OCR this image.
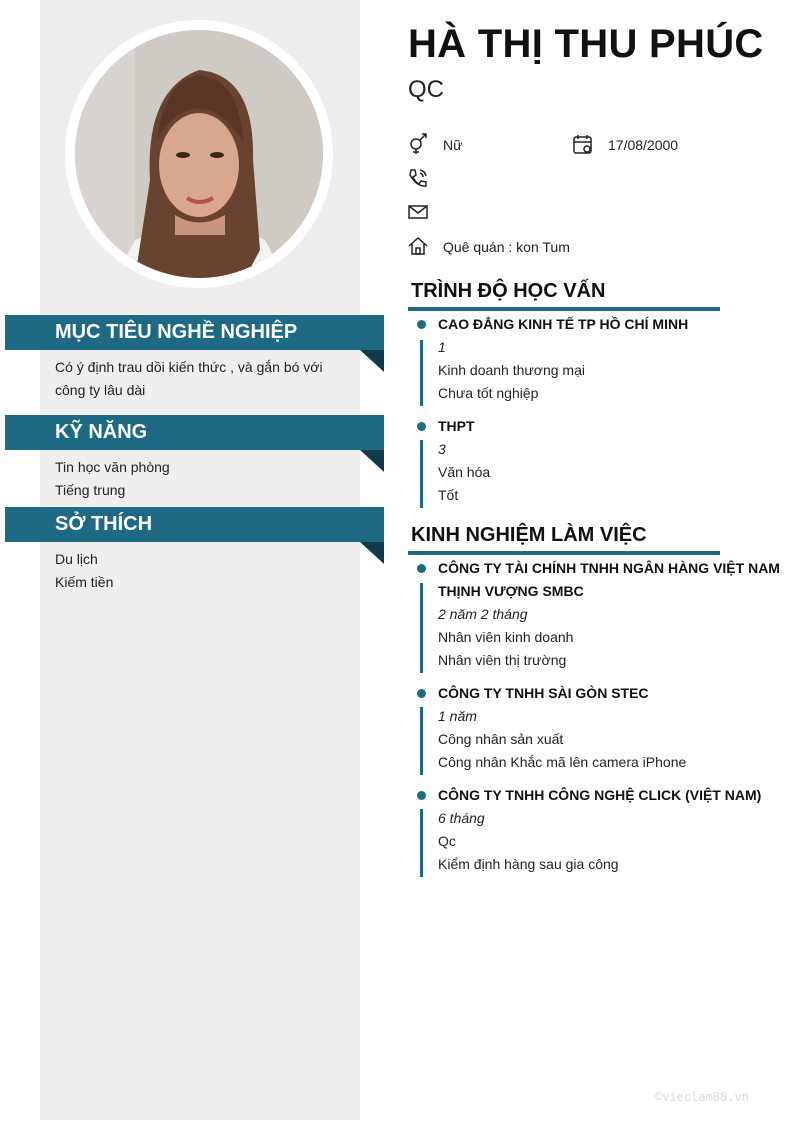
MỤC TIÊU NGHỀ NGHIỆP
Có ý định trau dồi kiến thức , và gắn bó với
công ty lâu dài
KỸ NĂNG
Tin học văn phòng
Tiếng trung
SỞ THÍCH
Du lịch
Kiếm tiền
HÀ THỊ THU PHÚC
QC
Nữ	17/08/2000
Quê quán : kon Tum
TRÌNH ĐỘ HỌC VẤN
CAO ĐẲNG KINH TẾ TP HỒ CHÍ MINH
1
Kinh doanh thương mại
Chưa tốt nghiệp
THPT
3
Văn hóa
Tốt
KINH NGHIỆM LÀM VIỆC
CÔNG TY TÀI CHÍNH TNHH NGÂN HÀNG VIỆT NAM
THỊNH VƯỢNG SMBC
2 năm 2 tháng
Nhân viên kinh doanh
Nhân viên thị trường
CÔNG TY TNHH SÀI GÒN STEC
1 năm
Công nhân sản xuất
Công nhân Khắc mã lên camera iPhone
CÔNG TY TNHH CÔNG NGHỆ CLICK (VIỆT NAM)
6 tháng
Qc
Kiểm định hàng sau gia công
©vieclam88.vn
